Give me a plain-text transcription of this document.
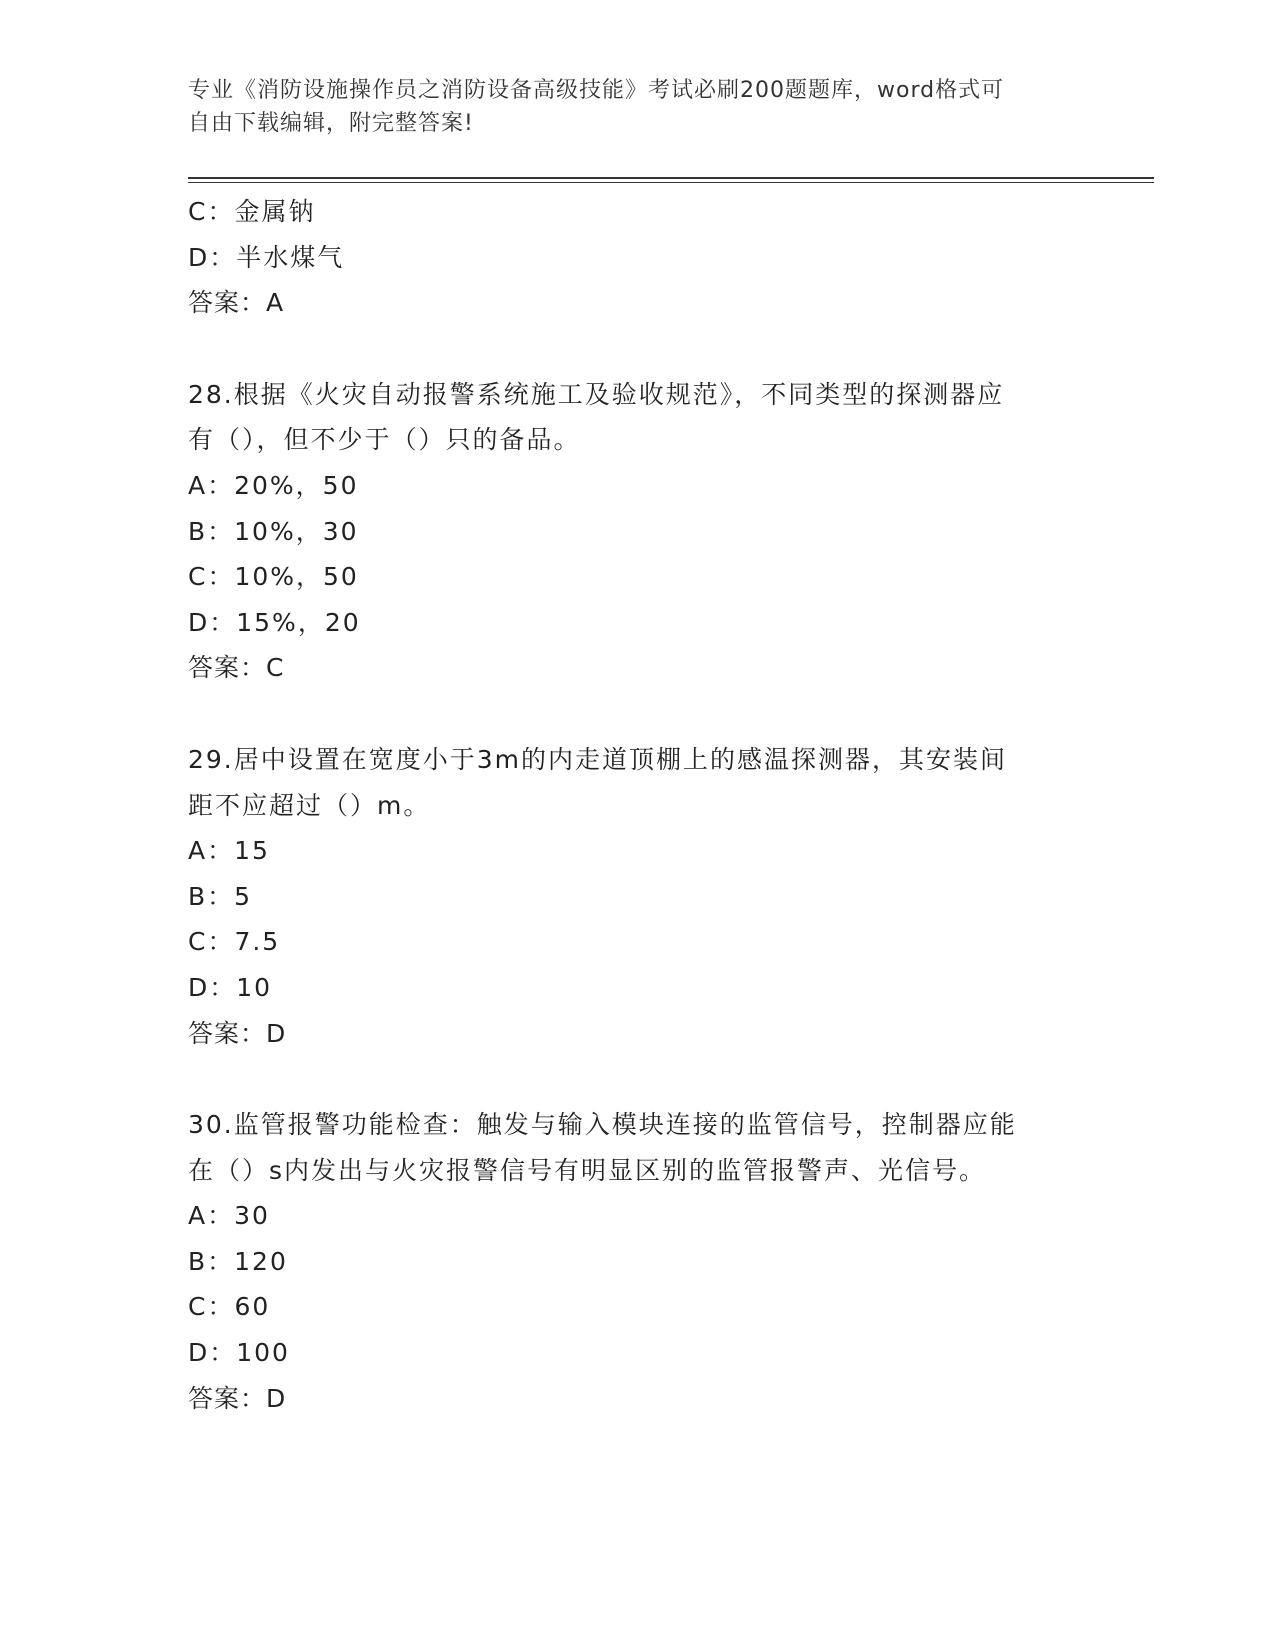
专业《消防设施操作员之消防设备高级技能》考试必刷200题题库，word格式可
自由下载编辑，附完整答案!
C：金属钠
D：半水煤气
答案：A
28.根据《火灾自动报警系统施工及验收规范》，不同类型的探测器应
有（），但不少于（）只的备品。
A：20%，50
B：10%，30
C：10%，50
D：15%，20
答案：C
29.居中设置在宽度小于3m的内走道顶棚上的感温探测器，其安装间
距不应超过（）m。
A：15
B：5
C：7.5
D：10
答案：D
30.监管报警功能检查：触发与输入模块连接的监管信号，控制器应能
在（）s内发出与火灾报警信号有明显区别的监管报警声、光信号。
A：30
B：120
C：60
D：100
答案：D
